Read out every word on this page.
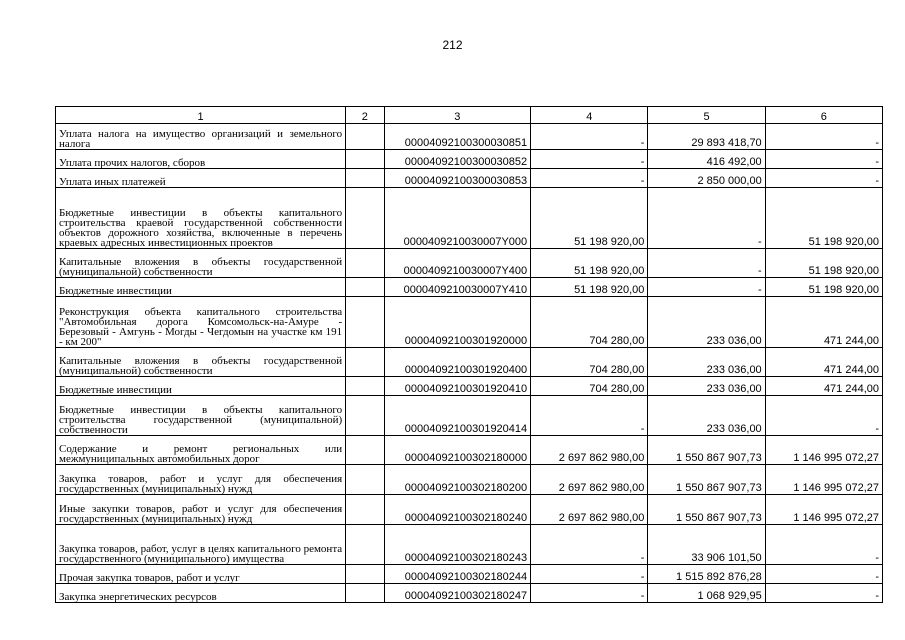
212
1	2	3	4	5	6
Уплата налога на имущество организаций и земельного налога		00004092100300030851	-	29 893 418,70	-
Уплата прочих налогов, сборов		00004092100300030852	-	416 492,00	-
Уплата иных платежей		00004092100300030853	-	2 850 000,00	-
Бюджетные инвестиции в объекты капитального строительства краевой государственной собственности объектов дорожного хозяйства, включенные в перечень краевых адресных инвестиционных проектов		0000409210030007Y000	51 198 920,00	-	51 198 920,00
Капитальные вложения в объекты государственной (муниципальной) собственности		0000409210030007Y400	51 198 920,00	-	51 198 920,00
Бюджетные инвестиции		0000409210030007Y410	51 198 920,00	-	51 198 920,00
Реконструкция объекта капитального строительства "Автомобильная дорога Комсомольск-на-Амуре - Березовый - Амгунь - Могды - Чегдомын на участке км 191 - км 200"		00004092100301920000	704 280,00	233 036,00	471 244,00
Капитальные вложения в объекты государственной (муниципальной) собственности		00004092100301920400	704 280,00	233 036,00	471 244,00
Бюджетные инвестиции		00004092100301920410	704 280,00	233 036,00	471 244,00
Бюджетные инвестиции в объекты капитального строительства государственной (муниципальной) собственности		00004092100301920414	-	233 036,00	-
Содержание и ремонт региональных или межмуниципальных автомобильных дорог		00004092100302180000	2 697 862 980,00	1 550 867 907,73	1 146 995 072,27
Закупка товаров, работ и услуг для обеспечения государственных (муниципальных) нужд		00004092100302180200	2 697 862 980,00	1 550 867 907,73	1 146 995 072,27
Иные закупки товаров, работ и услуг для обеспечения государственных (муниципальных) нужд		00004092100302180240	2 697 862 980,00	1 550 867 907,73	1 146 995 072,27
Закупка товаров, работ, услуг в целях капитального ремонта государственного (муниципального) имущества		00004092100302180243	-	33 906 101,50	-
Прочая закупка товаров, работ и услуг		00004092100302180244	-	1 515 892 876,28	-
Закупка энергетических ресурсов		00004092100302180247	-	1 068 929,95	-
